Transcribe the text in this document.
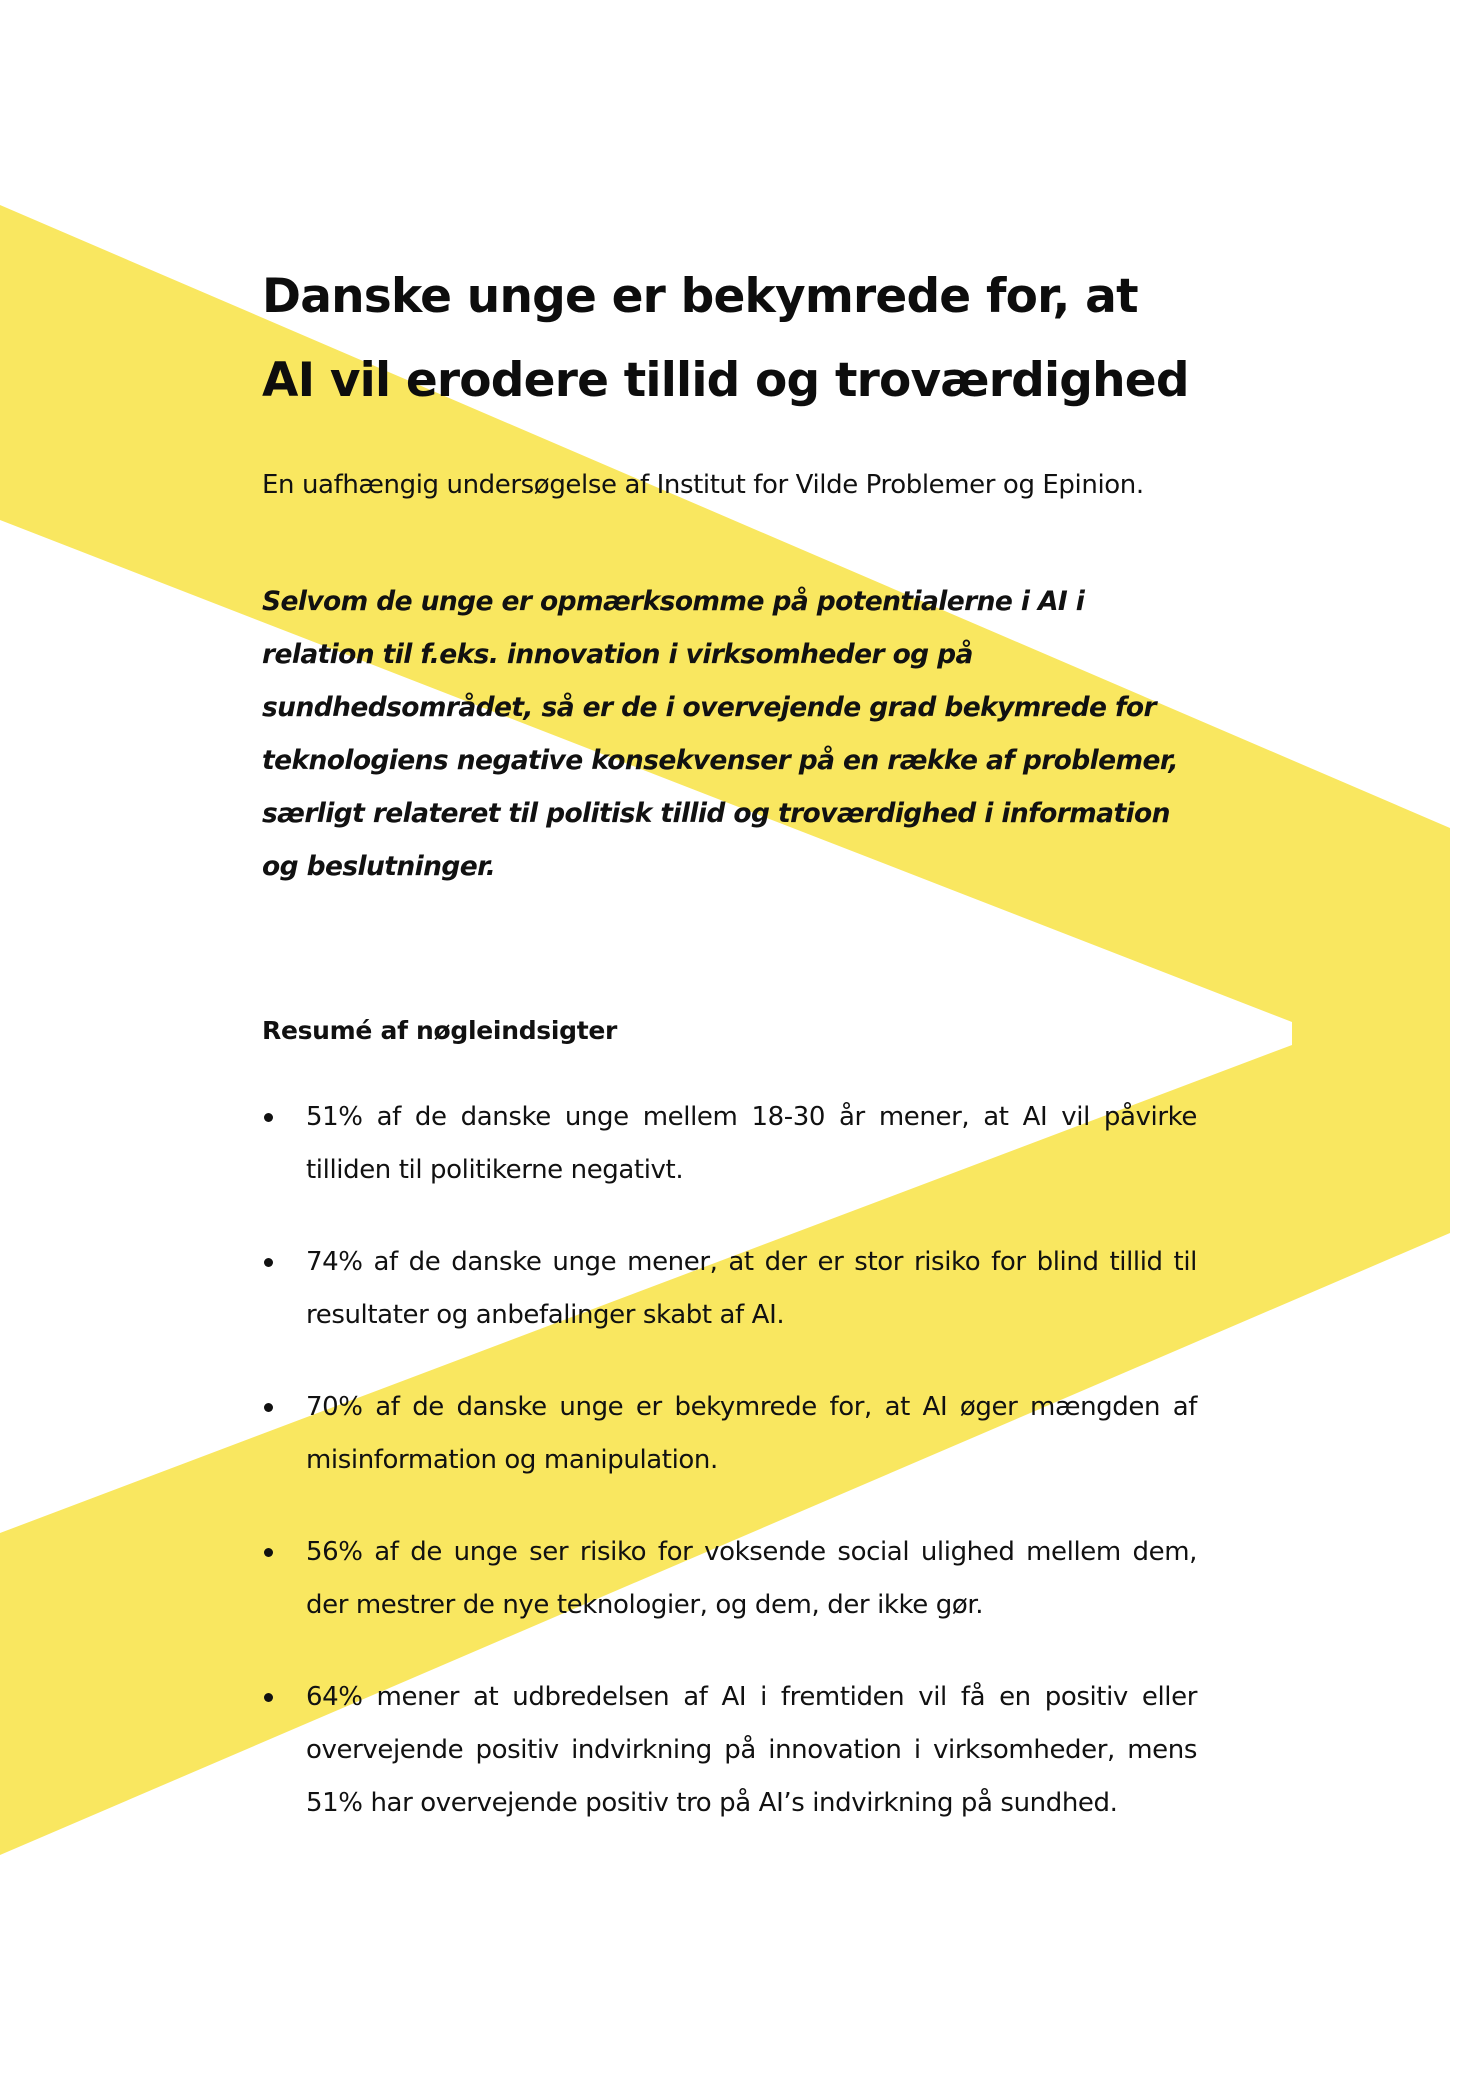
Danske unge er bekymrede for, at AI vil erodere tillid og troværdighed

En uafhængig undersøgelse af Institut for Vilde Problemer og Epinion.

Selvom de unge er opmærksomme på potentialerne i AI i relation til f.eks. innovation i virksomheder og på sundhedsområdet, så er de i overvejende grad bekymrede for teknologiens negative konsekvenser på en række af problemer, særligt relateret til politisk tillid og troværdighed i information og beslutninger.

Resumé af nøgleindsigter
51% af de danske unge mellem 18-30 år mener, at AI vil påvirke tilliden til politikerne negativt.
74% af de danske unge mener, at der er stor risiko for blind tillid til resultater og anbefalinger skabt af AI.
70% af de danske unge er bekymrede for, at AI øger mængden af misinformation og manipulation.
56% af de unge ser risiko for voksende social ulighed mellem dem, der mestrer de nye teknologier, og dem, der ikke gør.
64% mener at udbredelsen af AI i fremtiden vil få en positiv eller overvejende positiv indvirkning på innovation i virksomheder, mens 51% har overvejende positiv tro på AI’s indvirkning på sundhed.
